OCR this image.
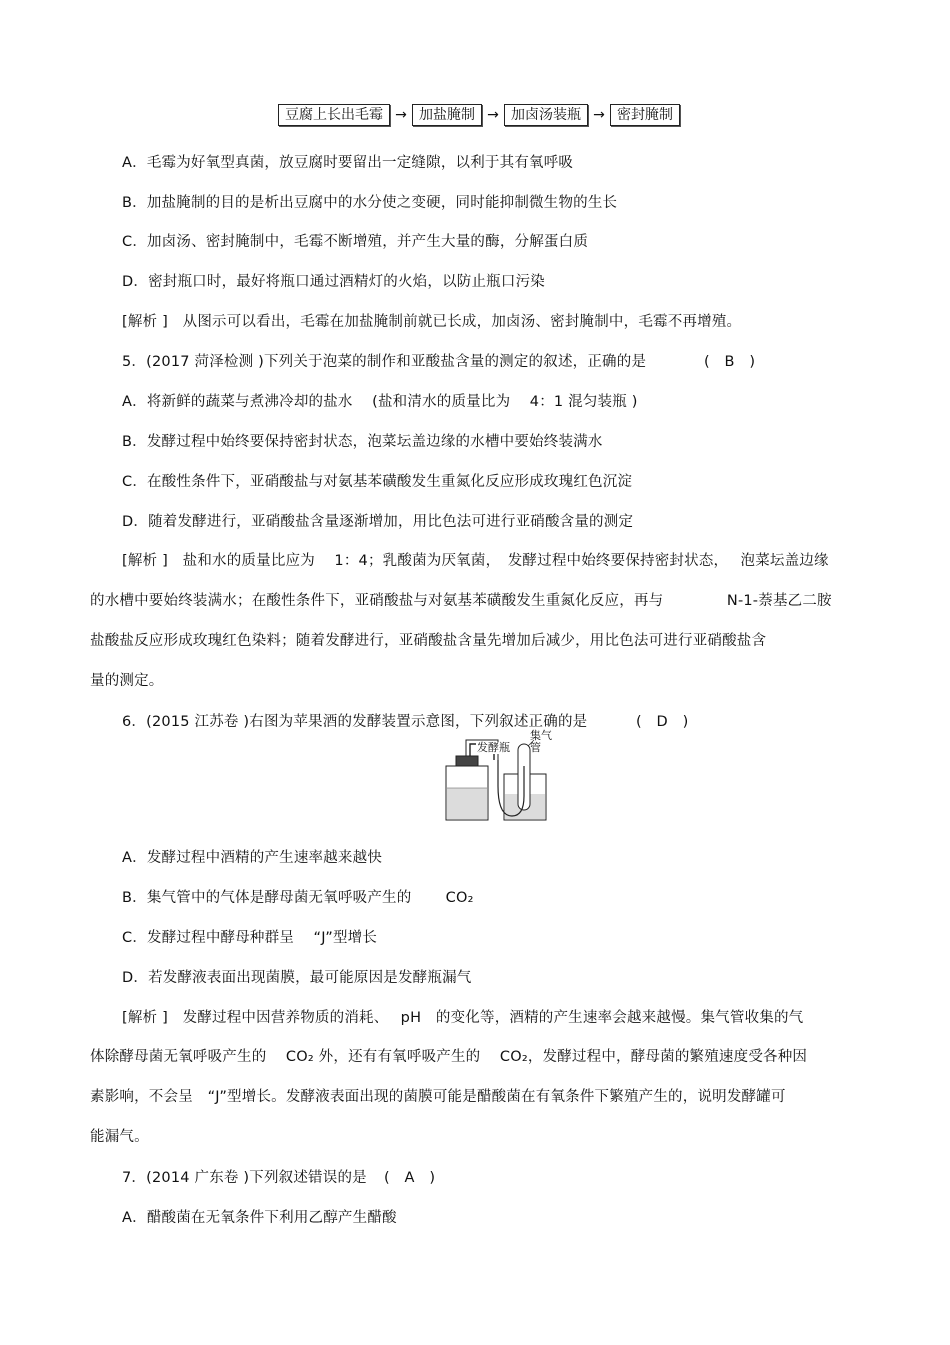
豆腐上长出毛霉 → 加盐腌制 → 加卤汤装瓶 → 密封腌制
A．毛霉为好氧型真菌，放豆腐时要留出一定缝隙，以利于其有氧呼吸
B．加盐腌制的目的是析出豆腐中的水分使之变硬，同时能抑制微生物的生长
C．加卤汤、密封腌制中，毛霉不断增殖，并产生大量的酶，分解蛋白质
D．密封瓶口时，最好将瓶口通过酒精灯的火焰，以防止瓶口污染
[解析 ]　从图示可以看出，毛霉在加盐腌制前就已长成，加卤汤、密封腌制中，毛霉不再增殖。
5．(2017 菏泽检测 )下列关于泡菜的制作和亚酸盐含量的测定的叙述，正确的是	(　B　)
A．将新鲜的蔬菜与煮沸冷却的盐水　 (盐和清水的质量比为　 4：1 混匀装瓶 )
B．发酵过程中始终要保持密封状态，泡菜坛盖边缘的水槽中要始终装满水
C．在酸性条件下，亚硝酸盐与对氨基苯磺酸发生重氮化反应形成玫瑰红色沉淀
D．随着发酵进行，亚硝酸盐含量逐渐增加，用比色法可进行亚硝酸含量的测定
[解析 ]　盐和水的质量比应为　 1：4；乳酸菌为厌氧菌，　发酵过程中始终要保持密封状态，　 泡菜坛盖边缘
的水槽中要始终装满水；在酸性条件下，亚硝酸盐与对氨基苯磺酸发生重氮化反应，再与　　　　 N-1-萘基乙二胺
盐酸盐反应形成玫瑰红色染料；随着发酵进行，亚硝酸盐含量先增加后减少，用比色法可进行亚硝酸盐含
量的测定。
6．(2015 江苏卷 )右图为苹果酒的发酵装置示意图，下列叙述正确的是	(　D　)
发酵瓶
集气管
A．发酵过程中酒精的产生速率越来越快
B．集气管中的气体是酵母菌无氧呼吸产生的　　 CO₂
C．发酵过程中酵母种群呈　 “J”型增长
D．若发酵液表面出现菌膜，最可能原因是发酵瓶漏气
[解析 ]　发酵过程中因营养物质的消耗、　 pH　的变化等，酒精的产生速率会越来越慢。集气管收集的气
体除酵母菌无氧呼吸产生的　 CO₂ 外，还有有氧呼吸产生的　 CO₂，发酵过程中，酵母菌的繁殖速度受各种因
素影响，不会呈　“J”型增长。发酵液表面出现的菌膜可能是醋酸菌在有氧条件下繁殖产生的，说明发酵罐可
能漏气。
7．(2014 广东卷 )下列叙述错误的是 (　A　)
A．醋酸菌在无氧条件下利用乙醇产生醋酸
